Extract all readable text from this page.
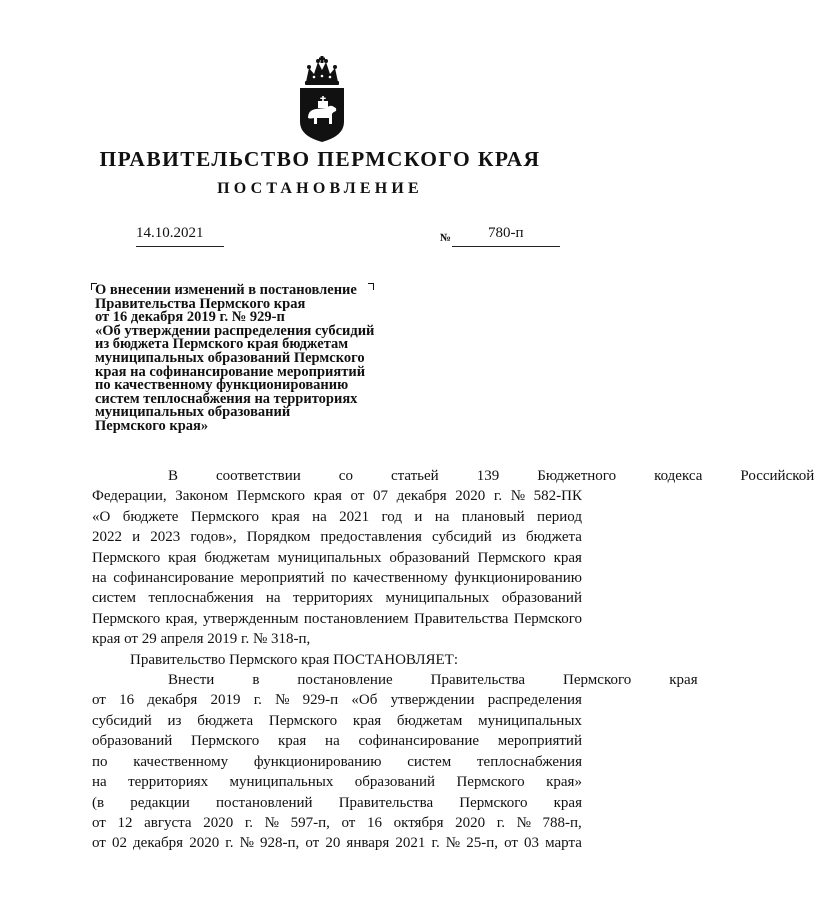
ПРАВИТЕЛЬСТВО ПЕРМСКОГО КРАЯ
ПОСТАНОВЛЕНИЕ
14.10.2021	№ 780-п
О внесении изменений в постановление
Правительства Пермского края
от 16 декабря 2019 г. № 929-п
«Об утверждении распределения субсидий
из бюджета Пермского края бюджетам
муниципальных образований Пермского
края на софинансирование мероприятий
по качественному функционированию
систем теплоснабжения на территориях
муниципальных образований
Пермского края»
В	соответствии	со	статьей	139	Бюджетного	кодекса	Российской
Федерации, Законом Пермского края от 07 декабря 2020 г. № 582-ПК
«О бюджете Пермского края на 2021 год и на плановый период
2022 и 2023 годов», Порядком предоставления субсидий из бюджета
Пермского края бюджетам муниципальных образований Пермского края
на софинансирование мероприятий по качественному функционированию
систем теплоснабжения на территориях муниципальных образований
Пермского края, утвержденным постановлением Правительства Пермского
края от 29 апреля 2019 г. № 318-п,
Правительство Пермского края ПОСТАНОВЛЯЕТ:
Внести	в	постановление	Правительства	Пермского	края
от 16 декабря 2019 г. № 929-п «Об утверждении распределения
субсидий из бюджета Пермского края бюджетам муниципальных
образований Пермского края на софинансирование мероприятий
по качественному функционированию систем теплоснабжения
на территориях муниципальных образований Пермского края»
(в редакции постановлений Правительства Пермского края
от 12 августа 2020 г. № 597-п, от 16 октября 2020 г. № 788-п,
от 02 декабря 2020 г. № 928-п, от 20 января 2021 г. № 25-п, от 03 марта
